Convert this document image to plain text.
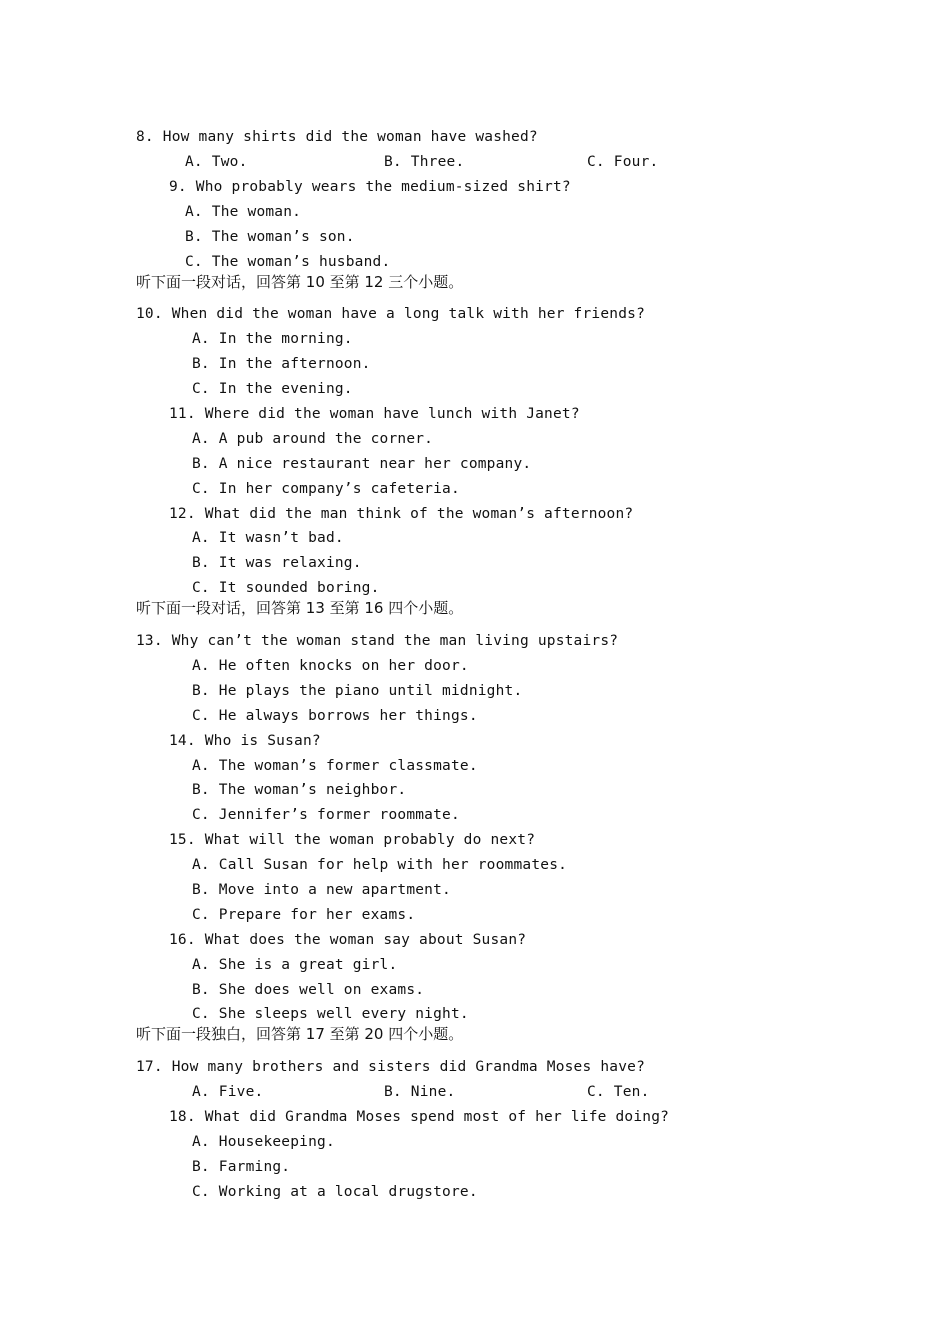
8. How many shirts did the woman have washed?
A. Two.	B. Three.	C. Four.
9. Who probably wears the medium-sized shirt?
A. The woman.
B. The woman’s son.
C. The woman’s husband.
听下面一段对话，回答第 10 至第 12 三个小题。
10. When did the woman have a long talk with her friends?
A. In the morning.
B. In the afternoon.
C. In the evening.
11. Where did the woman have lunch with Janet?
A. A pub around the corner.
B. A nice restaurant near her company.
C. In her company’s cafeteria.
12. What did the man think of the woman’s afternoon?
A. It wasn’t bad.
B. It was relaxing.
C. It sounded boring.
听下面一段对话，回答第 13 至第 16 四个小题。
13. Why can’t the woman stand the man living upstairs?
A. He often knocks on her door.
B. He plays the piano until midnight.
C. He always borrows her things.
14. Who is Susan?
A. The woman’s former classmate.
B. The woman’s neighbor.
C. Jennifer’s former roommate.
15. What will the woman probably do next?
A. Call Susan for help with her roommates.
B. Move into a new apartment.
C. Prepare for her exams.
16. What does the woman say about Susan?
A. She is a great girl.
B. She does well on exams.
C. She sleeps well every night.
听下面一段独白，回答第 17 至第 20 四个小题。
17. How many brothers and sisters did Grandma Moses have?
A. Five.	B. Nine.	C. Ten.
18. What did Grandma Moses spend most of her life doing?
A. Housekeeping.
B. Farming.
C. Working at a local drugstore.
